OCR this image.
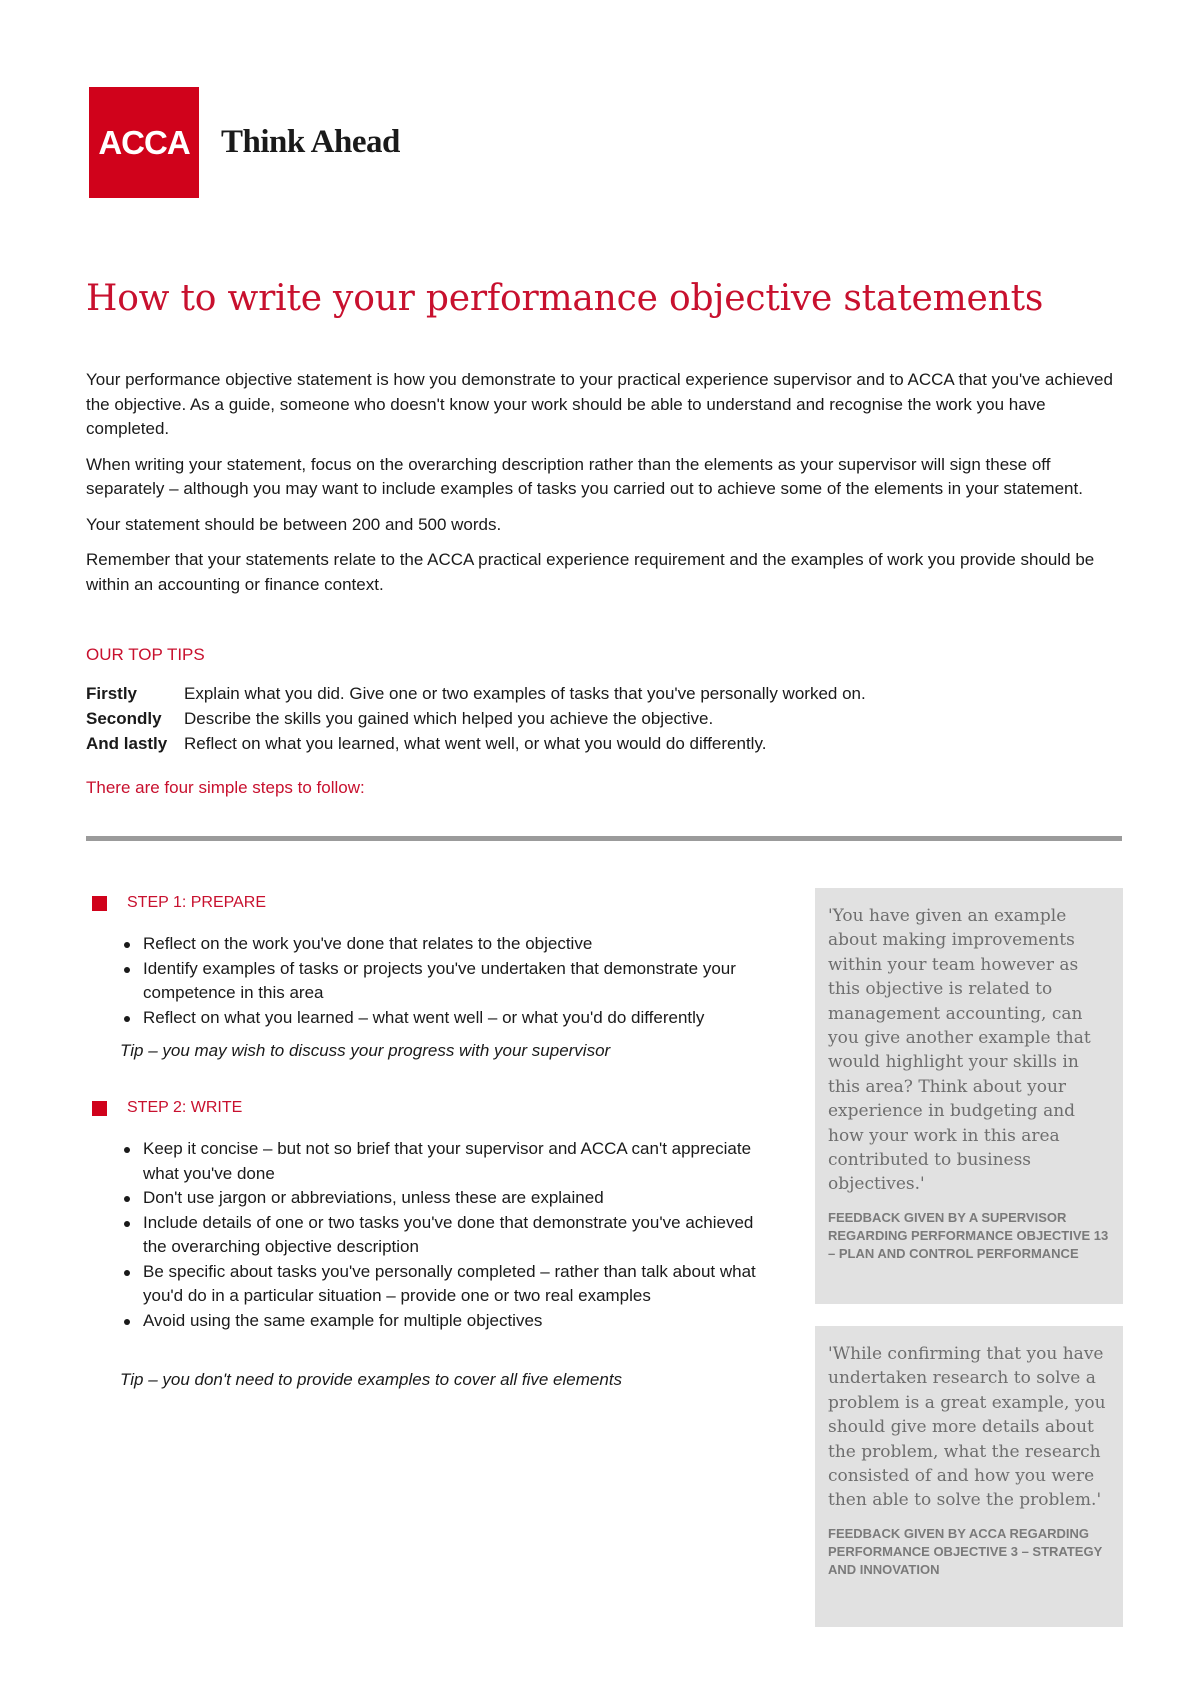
ACCA Think Ahead
How to write your performance objective statements

Your performance objective statement is how you demonstrate to your practical experience supervisor and to ACCA that you've achieved the objective. As a guide, someone who doesn't know your work should be able to understand and recognise the work you have completed.

When writing your statement, focus on the overarching description rather than the elements as your supervisor will sign these off separately – although you may want to include examples of tasks you carried out to achieve some of the elements in your statement.

Your statement should be between 200 and 500 words.

Remember that your statements relate to the ACCA practical experience requirement and the examples of work you provide should be within an accounting or finance context.

OUR TOP TIPS
Firstly	Explain what you did. Give one or two examples of tasks that you've personally worked on.
Secondly	Describe the skills you gained which helped you achieve the objective.
And lastly Reflect on what you learned, what went well, or what you would do differently.
There are four simple steps to follow:
STEP 1: PREPARE
Reflect on the work you've done that relates to the objective
Identify examples of tasks or projects you've undertaken that demonstrate your competence in this area
Reflect on what you learned – what went well – or what you'd do differently
Tip – you may wish to discuss your progress with your supervisor
STEP 2: WRITE
Keep it concise – but not so brief that your supervisor and ACCA can't appreciate what you've done
Don't use jargon or abbreviations, unless these are explained
Include details of one or two tasks you've done that demonstrate you've achieved the overarching objective description
Be specific about tasks you've personally completed – rather than talk about what you'd do in a particular situation – provide one or two real examples
Avoid using the same example for multiple objectives
Tip – you don't need to provide examples to cover all five elements

'You have given an example about making improvements within your team however as this objective is related to management accounting, can you give another example that would highlight your skills in this area? Think about your experience in budgeting and how your work in this area contributed to business objectives.'

FEEDBACK GIVEN BY A SUPERVISOR REGARDING PERFORMANCE OBJECTIVE 13 – PLAN AND CONTROL PERFORMANCE

'While confirming that you have undertaken research to solve a problem is a great example, you should give more details about the problem, what the research consisted of and how you were then able to solve the problem.'

FEEDBACK GIVEN BY ACCA REGARDING PERFORMANCE OBJECTIVE 3 – STRATEGY AND INNOVATION
